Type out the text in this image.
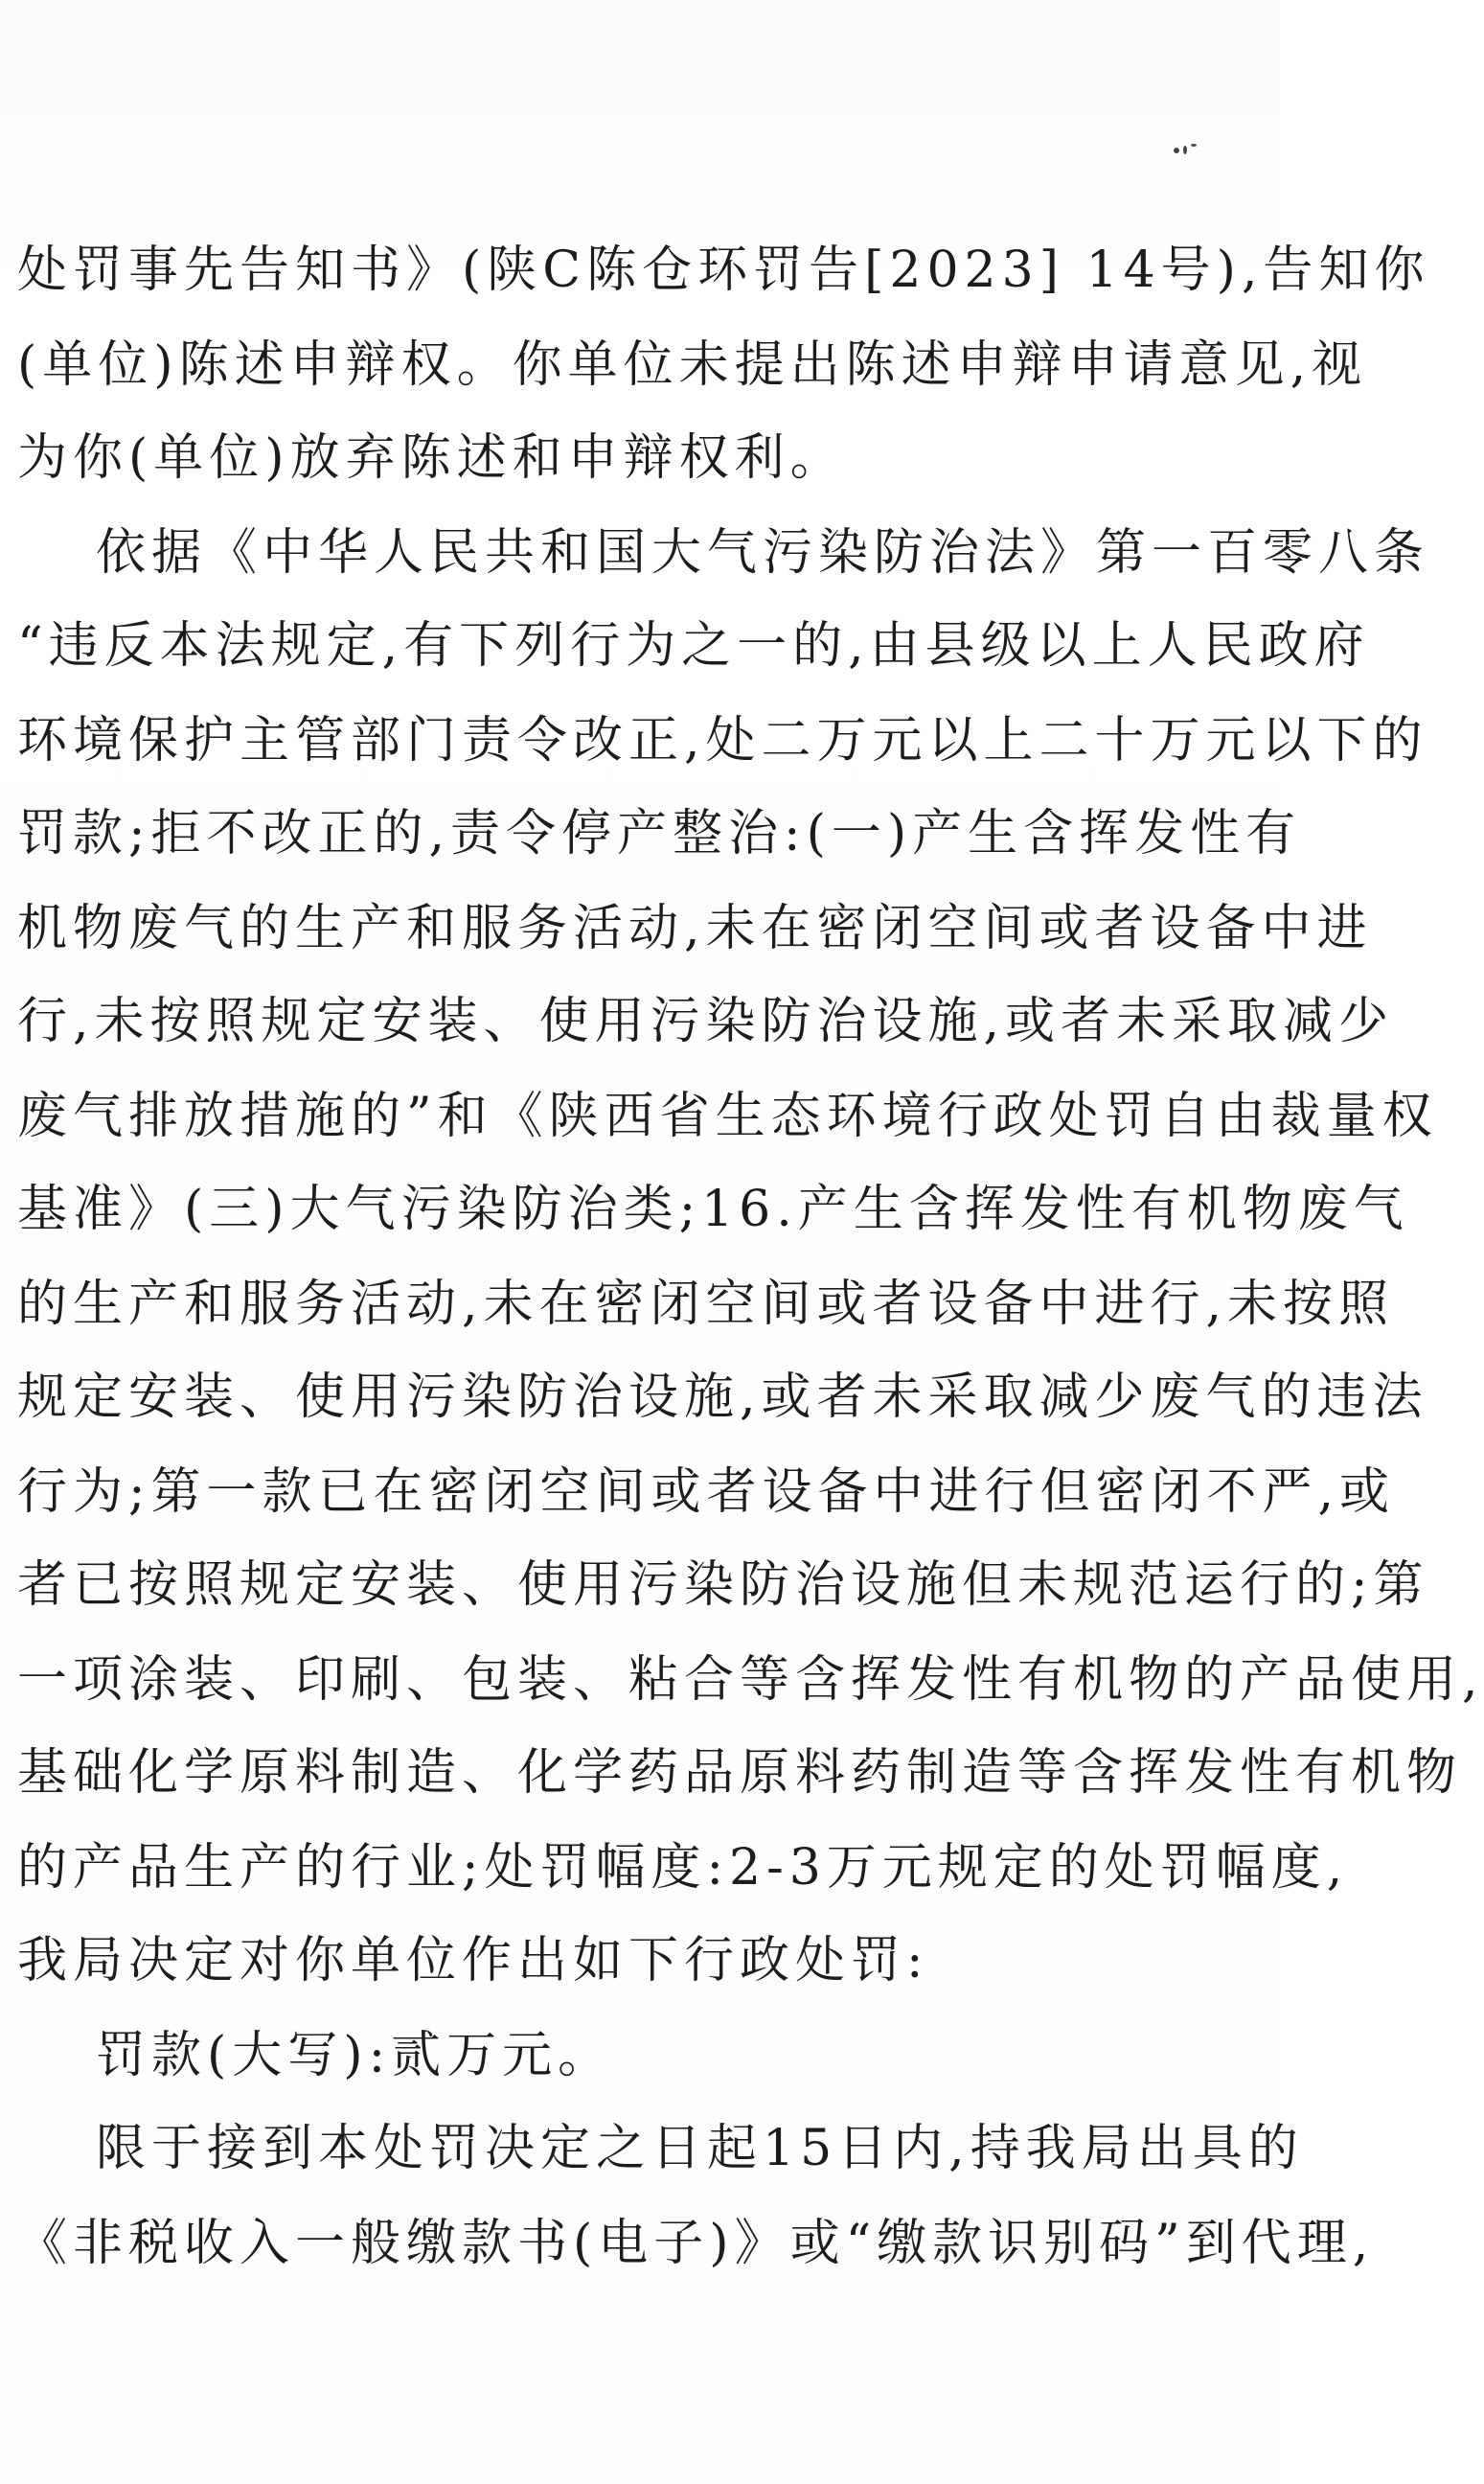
处罚事先告知书》(陕C陈仓环罚告[2023] 14号),告知你
(单位)陈述申辩权。你单位未提出陈述申辩申请意见,视
为你(单位)放弃陈述和申辩权利。
依据《中华人民共和国大气污染防治法》第一百零八条
“违反本法规定,有下列行为之一的,由县级以上人民政府
环境保护主管部门责令改正,处二万元以上二十万元以下的
罚款;拒不改正的,责令停产整治:(一)产生含挥发性有
机物废气的生产和服务活动,未在密闭空间或者设备中进
行,未按照规定安装、使用污染防治设施,或者未采取减少
废气排放措施的”和《陕西省生态环境行政处罚自由裁量权
基准》(三)大气污染防治类;16.产生含挥发性有机物废气
的生产和服务活动,未在密闭空间或者设备中进行,未按照
规定安装、使用污染防治设施,或者未采取减少废气的违法
行为;第一款已在密闭空间或者设备中进行但密闭不严,或
者已按照规定安装、使用污染防治设施但未规范运行的;第
一项涂装、印刷、包装、粘合等含挥发性有机物的产品使用,
基础化学原料制造、化学药品原料药制造等含挥发性有机物
的产品生产的行业;处罚幅度:2-3万元规定的处罚幅度,
我局决定对你单位作出如下行政处罚:
罚款(大写):贰万元。
限于接到本处罚决定之日起15日内,持我局出具的
《非税收入一般缴款书(电子)》或“缴款识别码”到代理,
